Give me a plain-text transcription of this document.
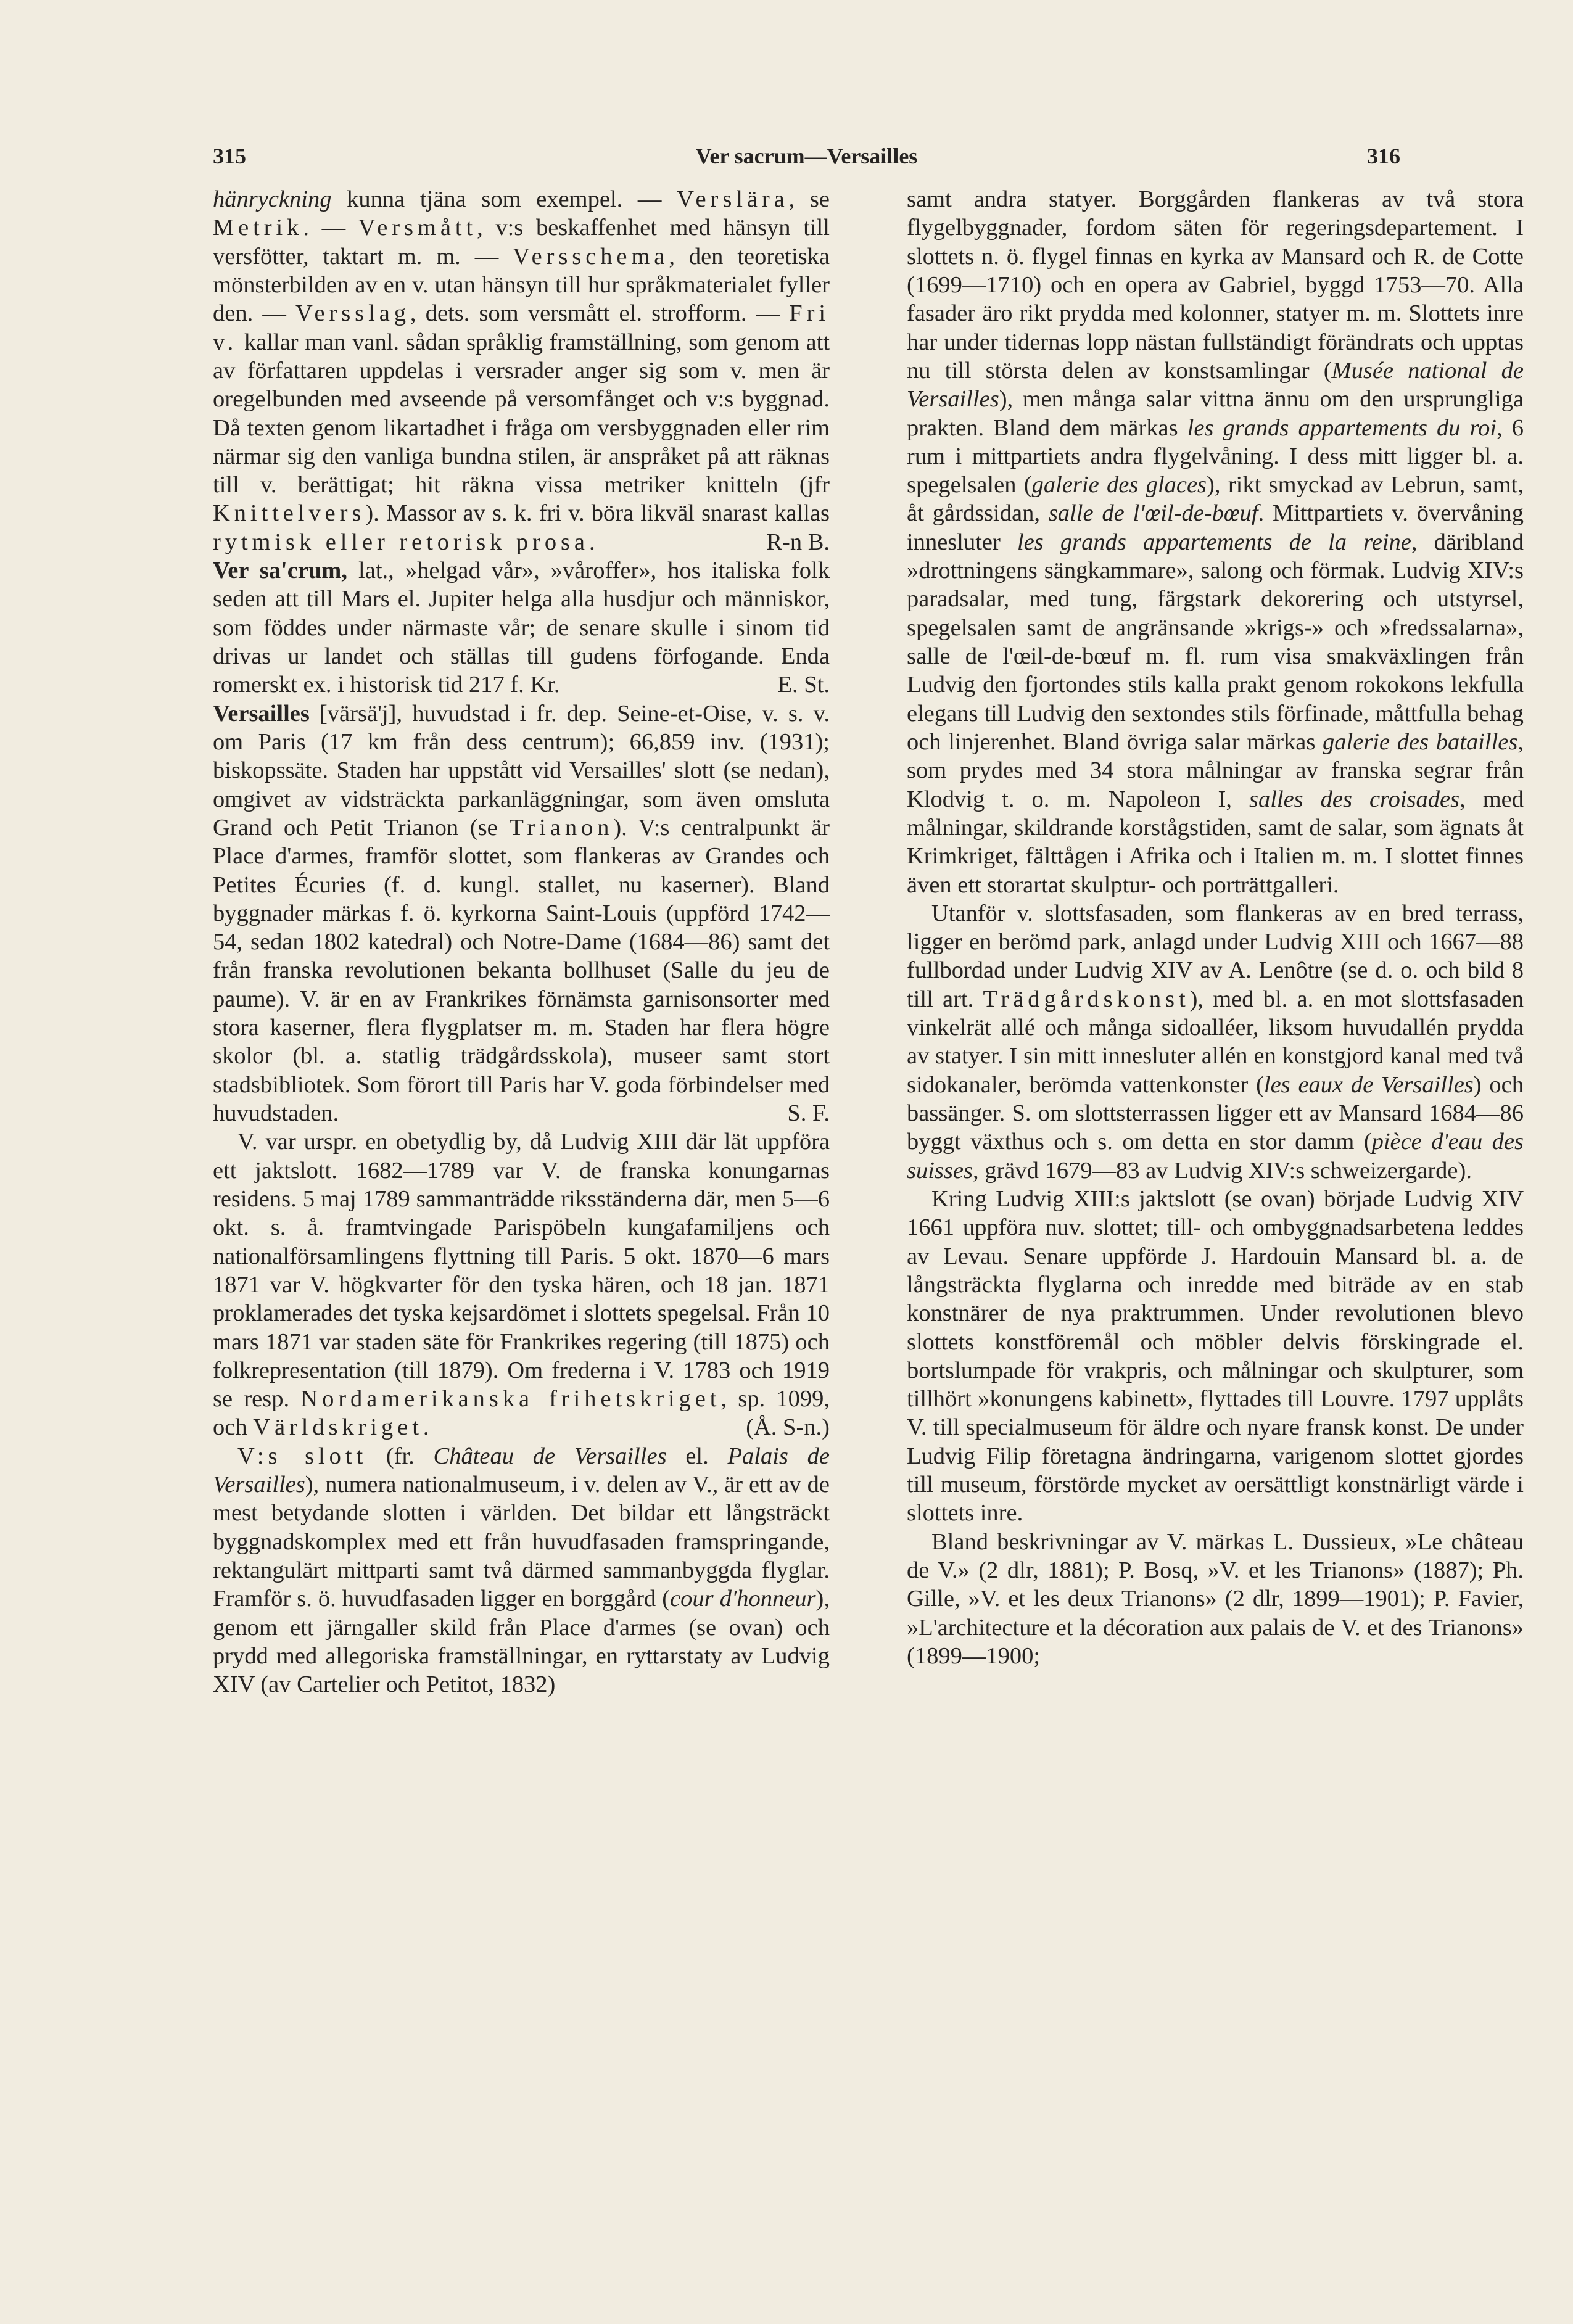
315	Ver sacrum—Versailles	316

hänryckning kunna tjäna som exempel. — Verslära, se Metrik. — Versmått, v:s beskaffenhet med hänsyn till versfötter, taktart m. m. — Versschema, den teoretiska mönsterbilden av en v. utan hänsyn till hur språkmaterialet fyller den. — Versslag, dets. som versmått el. strofform. — Fri v. kallar man vanl. sådan språklig framställning, som genom att av författaren uppdelas i versrader anger sig som v. men är oregelbunden med avseende på versomfånget och v:s byggnad. Då texten genom likartadhet i fråga om versbyggnaden eller rim närmar sig den vanliga bundna stilen, är anspråket på att räknas till v. berättigat; hit räkna vissa metriker knitteln (jfr Knittelvers). Massor av s. k. fri v. böra likväl snarast kallas rytmisk eller retorisk prosa.	R-n B.

Ver sa'crum, lat., »helgad vår», »våroffer», hos italiska folk seden att till Mars el. Jupiter helga alla husdjur och människor, som föddes under närmaste vår; de senare skulle i sinom tid drivas ur landet och ställas till gudens förfogande. Enda romerskt ex. i historisk tid 217 f. Kr.	E. St.

Versailles [värsä'j], huvudstad i fr. dep. Seine-et-Oise, v. s. v. om Paris (17 km från dess centrum); 66,859 inv. (1931); biskopssäte. Staden har uppstått vid Versailles' slott (se nedan), omgivet av vidsträckta parkanläggningar, som även omsluta Grand och Petit Trianon (se Trianon). V:s centralpunkt är Place d'armes, framför slottet, som flankeras av Grandes och Petites Écuries (f. d. kungl. stallet, nu kaserner). Bland byggnader märkas f. ö. kyrkorna Saint-Louis (uppförd 1742—54, sedan 1802 katedral) och Notre-Dame (1684—86) samt det från franska revolutionen bekanta bollhuset (Salle du jeu de paume). V. är en av Frankrikes förnämsta garnisonsorter med stora kaserner, flera flygplatser m. m. Staden har flera högre skolor (bl. a. statlig trädgårdsskola), museer samt stort stadsbibliotek. Som förort till Paris har V. goda förbindelser med huvudstaden.	S. F.

V. var urspr. en obetydlig by, då Ludvig XIII där lät uppföra ett jaktslott. 1682—1789 var V. de franska konungarnas residens. 5 maj 1789 sammanträdde riksständerna där, men 5—6 okt. s. å. framtvingade Parispöbeln kungafamiljens och nationalförsamlingens flyttning till Paris. 5 okt. 1870—6 mars 1871 var V. högkvarter för den tyska hären, och 18 jan. 1871 proklamerades det tyska kejsardömet i slottets spegelsal. Från 10 mars 1871 var staden säte för Frankrikes regering (till 1875) och folkrepresentation (till 1879). Om frederna i V. 1783 och 1919 se resp. Nordamerikanska frihetskriget, sp. 1099, och Världskriget.	(Å. S-n.)

V:s slott (fr. Château de Versailles el. Palais de Versailles), numera nationalmuseum, i v. delen av V., är ett av de mest betydande slotten i världen. Det bildar ett långsträckt byggnadskomplex med ett från huvudfasaden framspringande, rektangulärt mittparti samt två därmed sammanbyggda flyglar. Framför s. ö. huvudfasaden ligger en borggård (cour d'honneur), genom ett järngaller skild från Place d'armes (se ovan) och prydd med allegoriska framställningar, en ryttarstaty av Ludvig XIV (av Cartelier och Petitot, 1832)

samt andra statyer. Borggården flankeras av två stora flygelbyggnader, fordom säten för regeringsdepartement. I slottets n. ö. flygel finnas en kyrka av Mansard och R. de Cotte (1699—1710) och en opera av Gabriel, byggd 1753—70. Alla fasader äro rikt prydda med kolonner, statyer m. m. Slottets inre har under tidernas lopp nästan fullständigt förändrats och upptas nu till största delen av konstsamlingar (Musée national de Versailles), men många salar vittna ännu om den ursprungliga prakten. Bland dem märkas les grands appartements du roi, 6 rum i mittpartiets andra flygelvåning. I dess mitt ligger bl. a. spegelsalen (galerie des glaces), rikt smyckad av Lebrun, samt, åt gårdssidan, salle de l'œil-de-bœuf. Mittpartiets v. övervåning innesluter les grands appartements de la reine, däribland »drottningens sängkammare», salong och förmak. Ludvig XIV:s paradsalar, med tung, färgstark dekorering och utstyrsel, spegelsalen samt de angränsande »krigs-» och »fredssalarna», salle de l'œil-de-bœuf m. fl. rum visa smakväxlingen från Ludvig den fjortondes stils kalla prakt genom rokokons lekfulla elegans till Ludvig den sextondes stils förfinade, måttfulla behag och linjerenhet. Bland övriga salar märkas galerie des batailles, som prydes med 34 stora målningar av franska segrar från Klodvig t. o. m. Napoleon I, salles des croisades, med målningar, skildrande korstågstiden, samt de salar, som ägnats åt Krimkriget, fälttågen i Afrika och i Italien m. m. I slottet finnes även ett storartat skulptur- och porträttgalleri.

Utanför v. slottsfasaden, som flankeras av en bred terrass, ligger en berömd park, anlagd under Ludvig XIII och 1667—88 fullbordad under Ludvig XIV av A. Lenôtre (se d. o. och bild 8 till art. Trädgårdskonst), med bl. a. en mot slottsfasaden vinkelrät allé och många sidoalléer, liksom huvudallén prydda av statyer. I sin mitt innesluter allén en konstgjord kanal med två sidokanaler, berömda vattenkonster (les eaux de Versailles) och bassänger. S. om slottsterrassen ligger ett av Mansard 1684—86 byggt växthus och s. om detta en stor damm (pièce d'eau des suisses, grävd 1679—83 av Ludvig XIV:s schweizergarde).

Kring Ludvig XIII:s jaktslott (se ovan) började Ludvig XIV 1661 uppföra nuv. slottet; till- och ombyggnadsarbetena leddes av Levau. Senare uppförde J. Hardouin Mansard bl. a. de långsträckta flyglarna och inredde med biträde av en stab konstnärer de nya praktrummen. Under revolutionen blevo slottets konstföremål och möbler delvis förskingrade el. bortslumpade för vrakpris, och målningar och skulpturer, som tillhört »konungens kabinett», flyttades till Louvre. 1797 upplåts V. till specialmuseum för äldre och nyare fransk konst. De under Ludvig Filip företagna ändringarna, varigenom slottet gjordes till museum, förstörde mycket av oersättligt konstnärligt värde i slottets inre.

Bland beskrivningar av V. märkas L. Dussieux, »Le château de V.» (2 dlr, 1881); P. Bosq, »V. et les Trianons» (1887); Ph. Gille, »V. et les deux Trianons» (2 dlr, 1899—1901); P. Favier, »L'architecture et la décoration aux palais de V. et des Trianons» (1899—1900;
